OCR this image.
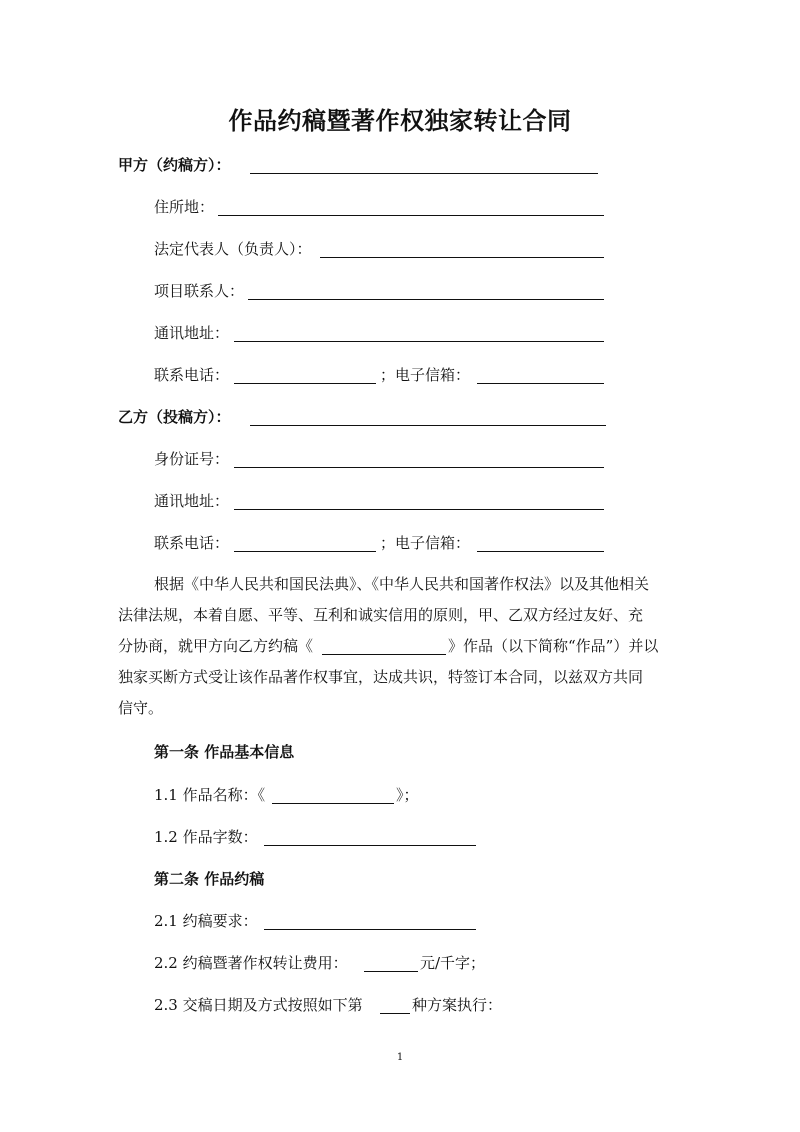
作品约稿暨著作权独家转让合同
甲方（约稿方）：
住所地：
法定代表人（负责人）：
项目联系人：
通讯地址：
联系电话：	；电子信箱：
乙方（投稿方）：
身份证号：
通讯地址：
联系电话：	；电子信箱：
根据《中华人民共和国民法典》、《中华人民共和国著作权法》以及其他相关
法律法规，本着自愿、平等、互利和诚实信用的原则，甲、乙双方经过友好、充
分协商，就甲方向乙方约稿《	》作品（以下简称“作品”）并以
独家买断方式受让该作品著作权事宜，达成共识，特签订本合同，以兹双方共同
信守。
第一条 作品基本信息
1.1 作品名称：《	》；
1.2 作品字数：
第二条 作品约稿
2.1 约稿要求：
2.2 约稿暨著作权转让费用：	元/千字；
2.3 交稿日期及方式按照如下第	种方案执行：
1
